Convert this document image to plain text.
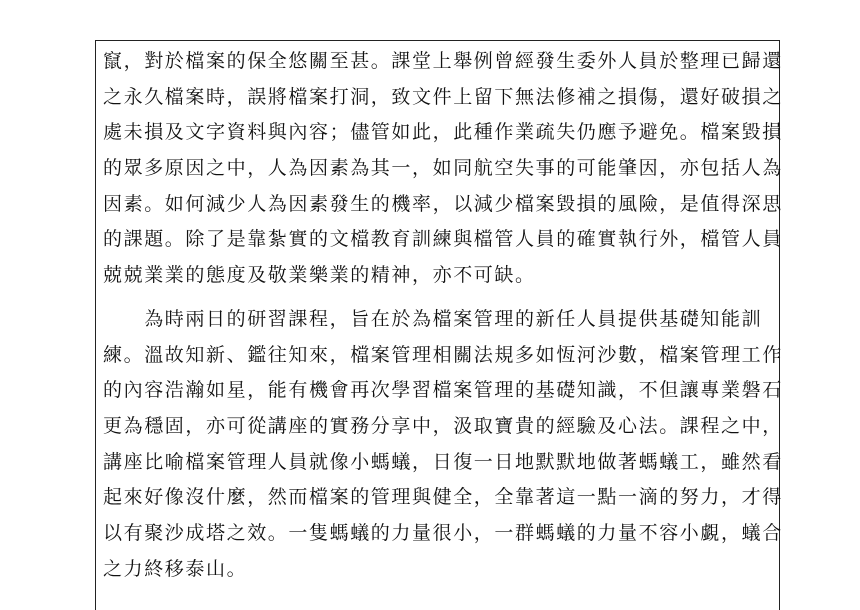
竄，對於檔案的保全悠關至甚。課堂上舉例曾經發生委外人員於整理已歸還
之永久檔案時，誤將檔案打洞，致文件上留下無法修補之損傷，還好破損之
處未損及文字資料與內容；儘管如此，此種作業疏失仍應予避免。檔案毀損
的眾多原因之中，人為因素為其一，如同航空失事的可能肇因，亦包括人為
因素。如何減少人為因素發生的機率，以減少檔案毀損的風險，是值得深思
的課題。除了是靠紮實的文檔教育訓練與檔管人員的確實執行外，檔管人員
兢兢業業的態度及敬業樂業的精神，亦不可缺。
　　為時兩日的研習課程，旨在於為檔案管理的新任人員提供基礎知能訓
練。溫故知新、鑑往知來，檔案管理相關法規多如恆河沙數，檔案管理工作
的內容浩瀚如星，能有機會再次學習檔案管理的基礎知識，不但讓專業磐石
更為穩固，亦可從講座的實務分享中，汲取寶貴的經驗及心法。課程之中，
講座比喻檔案管理人員就像小螞蟻，日復一日地默默地做著螞蟻工，雖然看
起來好像沒什麼，然而檔案的管理與健全，全靠著這一點一滴的努力，才得
以有聚沙成塔之效。一隻螞蟻的力量很小，一群螞蟻的力量不容小覷，蟻合
之力終移泰山。
